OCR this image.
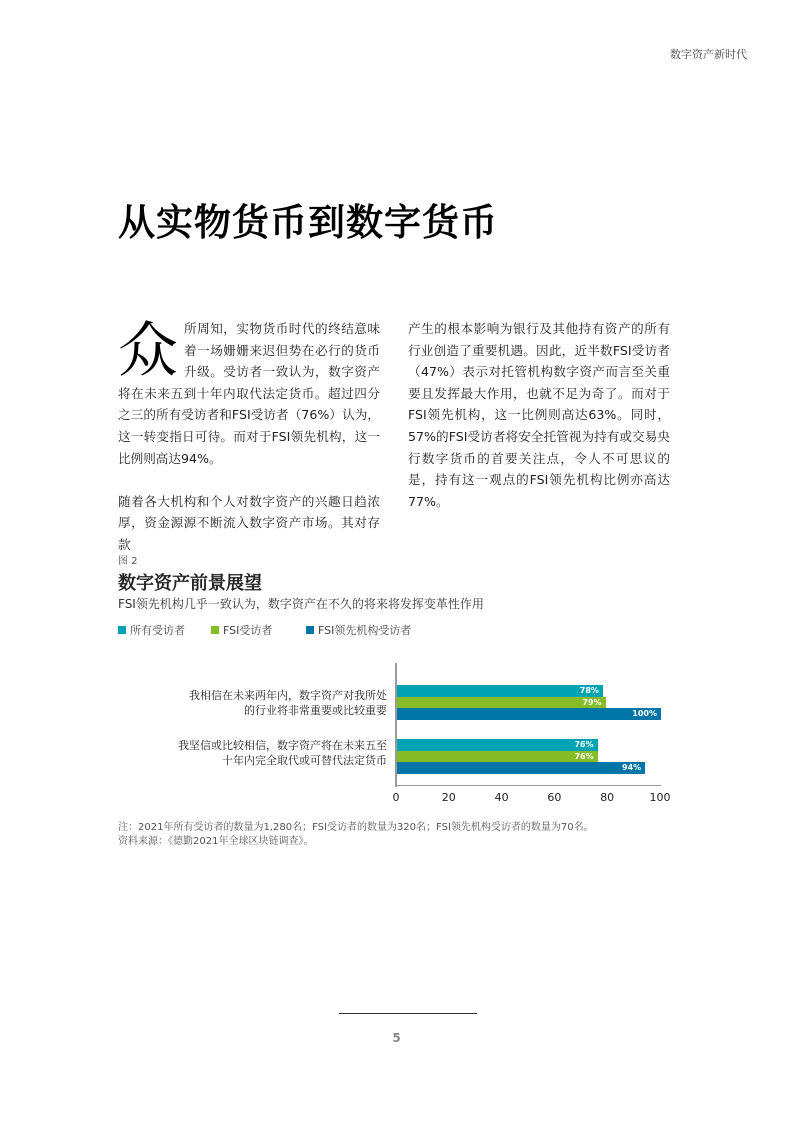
数字资产新时代
从实物货币到数字货币

众所周知，实物货币时代的终结意味着一场姗姗来迟但势在必行的货币升级。受访者一致认为，数字资产将在未来五到十年内取代法定货币。超过四分之三的所有受访者和FSI受访者（76%）认为，这一转变指日可待。而对于FSI领先机构，这一比例则高达94%。

随着各大机构和个人对数字资产的兴趣日趋浓厚，资金源源不断流入数字资产市场。其对存款

产生的根本影响为银行及其他持有资产的所有行业创造了重要机遇。因此，近半数FSI受访者（47%）表示对托管机构数字资产而言至关重要且发挥最大作用，也就不足为奇了。而对于FSI领先机构，这一比例则高达63%。同时， 57%的FSI受访者将安全托管视为持有或交易央行数字货币的首要关注点，令人不可思议的是，持有这一观点的FSI领先机构比例亦高达77%。

图 2
数字资产前景展望
FSI领先机构几乎一致认为，数字资产在不久的将来将发挥变革性作用
所有受访者	FSI受访者	FSI领先机构受访者
我相信在未来两年内，数字资产对我所处
的行业将非常重要或比较重要
我坚信或比较相信，数字资产将在未来五至
十年内完全取代或可替代法定货币
78%
76%
79%
76%
100%
94%
0	20	40	60	80	100
注：2021年所有受访者的数量为1,280名；FSI受访者的数量为320名；FSI领先机构受访者的数量为70名。
资料来源：《德勤2021年全球区块链调查》。
5
